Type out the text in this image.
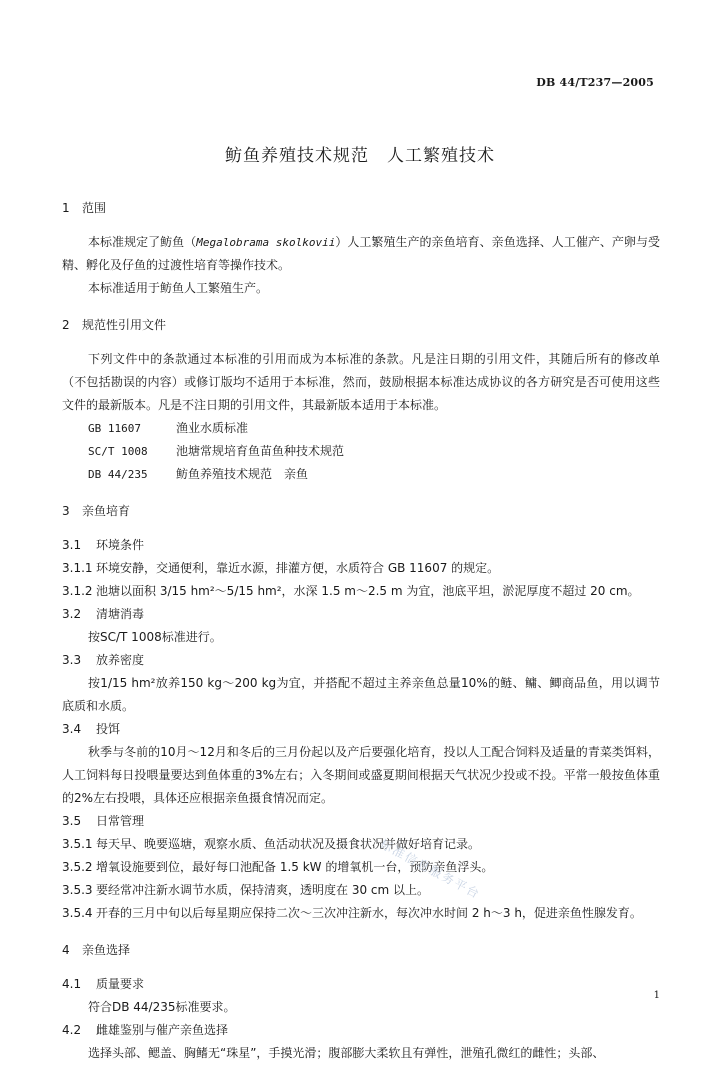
DB 44/T237—2005
鲂鱼养殖技术规范　人工繁殖技术

1 范围

本标准规定了鲂鱼（Megalobrama skolkovii）人工繁殖生产的亲鱼培育、亲鱼选择、人工催产、产卵与受精、孵化及仔鱼的过渡性培育等操作技术。

本标准适用于鲂鱼人工繁殖生产。

2 规范性引用文件

下列文件中的条款通过本标准的引用而成为本标准的条款。凡是注日期的引用文件，其随后所有的修改单（不包括勘误的内容）或修订版均不适用于本标准，然而，鼓励根据本标准达成协议的各方研究是否可使用这些文件的最新版本。凡是不注日期的引用文件，其最新版本适用于本标准。

GB 11607	渔业水质标准

SC/T 1008 池塘常规培育鱼苗鱼种技术规范

DB 44/235 鲂鱼养殖技术规范　亲鱼

3 亲鱼培育

3.1 环境条件

3.1.1 环境安静，交通便利，靠近水源，排灌方便，水质符合 GB 11607 的规定。

3.1.2 池塘以面积 3/15 hm²～5/15 hm²，水深 1.5 m～2.5 m 为宜，池底平坦，淤泥厚度不超过 20 cm。

3.2 清塘消毒

按SC/T 1008标准进行。

3.3 放养密度

按1/15 hm²放养150 kg～200 kg为宜，并搭配不超过主养亲鱼总量10%的鲢、鳙、鲫商品鱼，用以调节底质和水质。

3.4 投饵

秋季与冬前的10月～12月和冬后的三月份起以及产后要强化培育，投以人工配合饲料及适量的青菜类饵料，人工饲料每日投喂量要达到鱼体重的3%左右；入冬期间或盛夏期间根据天气状况少投或不投。平常一般按鱼体重的2%左右投喂，具体还应根据亲鱼摄食情况而定。

3.5 日常管理

3.5.1 每天早、晚要巡塘，观察水质、鱼活动状况及摄食状况并做好培育记录。

3.5.2 增氧设施要到位，最好每口池配备 1.5 kW 的增氧机一台，预防亲鱼浮头。

3.5.3 要经常冲注新水调节水质，保持清爽，透明度在 30 cm 以上。

3.5.4 开春的三月中旬以后每星期应保持二次～三次冲注新水，每次冲水时间 2 h～3 h，促进亲鱼性腺发育。

4 亲鱼选择

4.1 质量要求

符合DB 44/235标准要求。

4.2 雌雄鉴别与催产亲鱼选择

选择头部、鳃盖、胸鳍无“珠星”，手摸光滑；腹部膨大柔软且有弹性，泄殖孔微红的雌性；头部、

标准信息服务平台
1
